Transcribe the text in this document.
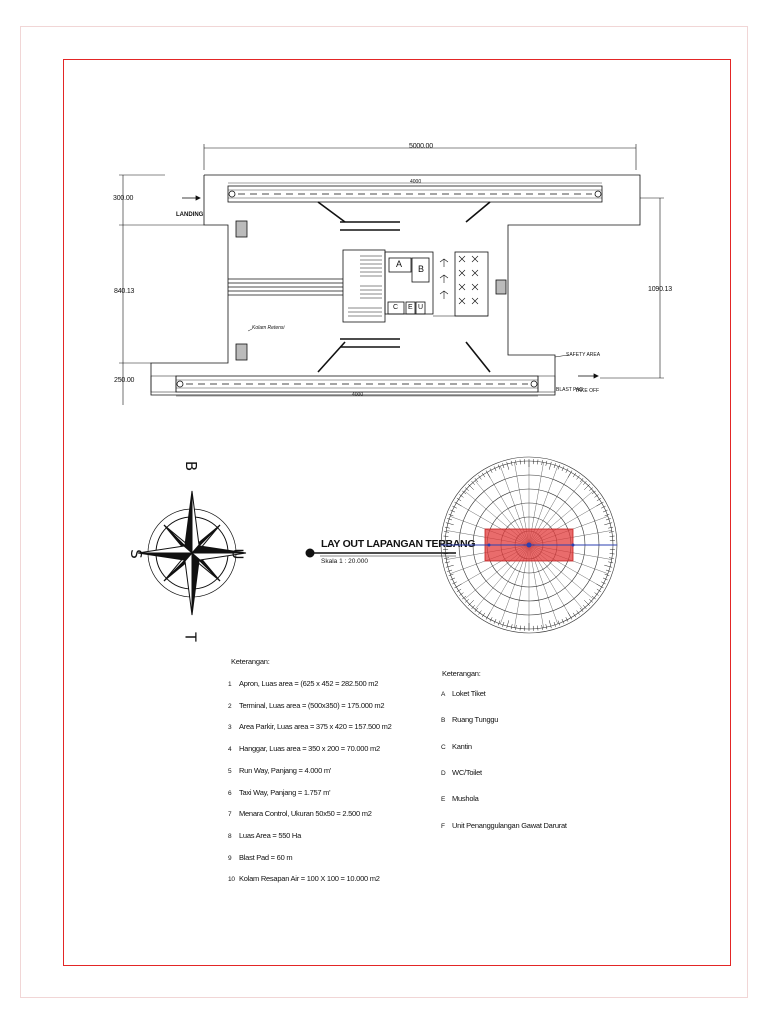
5000.00
4000
300.00
840.13
250.00
1090.13
4000
LANDING
TAKE OFF
SAFETY AREA
BLAST PAD
Kolam Retensi
A B
C E U
B
T
S	U
LAY OUT LAPANGAN TERBANG
Skala 1 : 20.000
Keterangan:
1 Apron, Luas area = (625 x 452 = 282.500 m2
2 Terminal, Luas area = (500x350) = 175.000 m2
3 Area Parkir, Luas area = 375 x 420 = 157.500 m2
4 Hanggar, Luas area = 350 x 200 = 70.000 m2
5 Run Way, Panjang = 4.000 m'
6 Taxi Way, Panjang = 1.757 m'
7 Menara Control, Ukuran 50x50 = 2.500 m2
8 Luas Area = 550 Ha
9 Blast Pad = 60 m
10 Kolam Resapan Air = 100 X 100 = 10.000 m2
Keterangan:
A Loket Tiket
B Ruang Tunggu
C Kantin
D WC/Toilet
E Mushola
F Unit Penanggulangan Gawat Darurat
